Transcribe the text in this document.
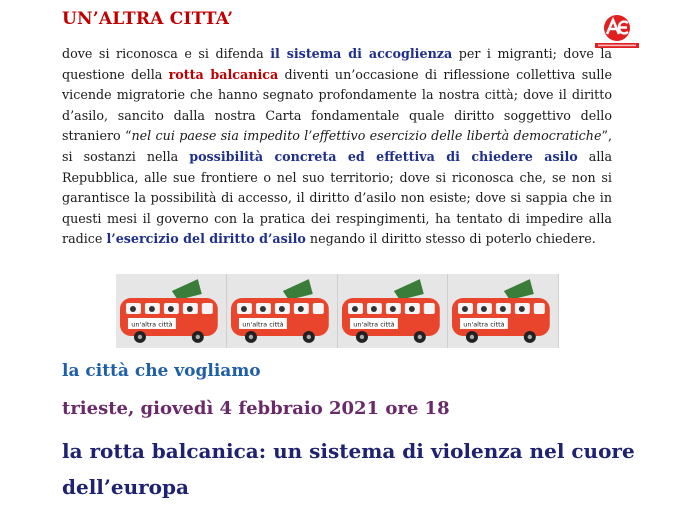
UN’ALTRA CITTA’

dove si riconosca e si difenda il sistema di accoglienza per i migranti; dove la questione della rotta balcanica diventi un’occasione di riflessione collettiva sulle vicende migratorie che hanno segnato profondamente la nostra città; dove il diritto d’asilo, sancito dalla nostra Carta fondamentale quale diritto soggettivo dello straniero “nel cui paese sia impedito l’effettivo esercizio delle libertà democratiche”, si sostanzi nella possibilità concreta ed effettiva di chiedere asilo alla Repubblica, alle sue frontiere o nel suo territorio; dove si riconosca che, se non si garantisce la possibilità di accesso, il diritto d’asilo non esiste; dove si sappia che in questi mesi il governo con la pratica dei respingimenti, ha tentato di impedire alla radice l’esercizio del diritto d’asilo negando il diritto stesso di poterlo chiedere.

un'altra città	un'altra città	un'altra città	un'altra città
la città che vogliamo
trieste, giovedì 4 febbraio 2021 ore 18
la rotta balcanica: un sistema di violenza nel cuore dell’europa
